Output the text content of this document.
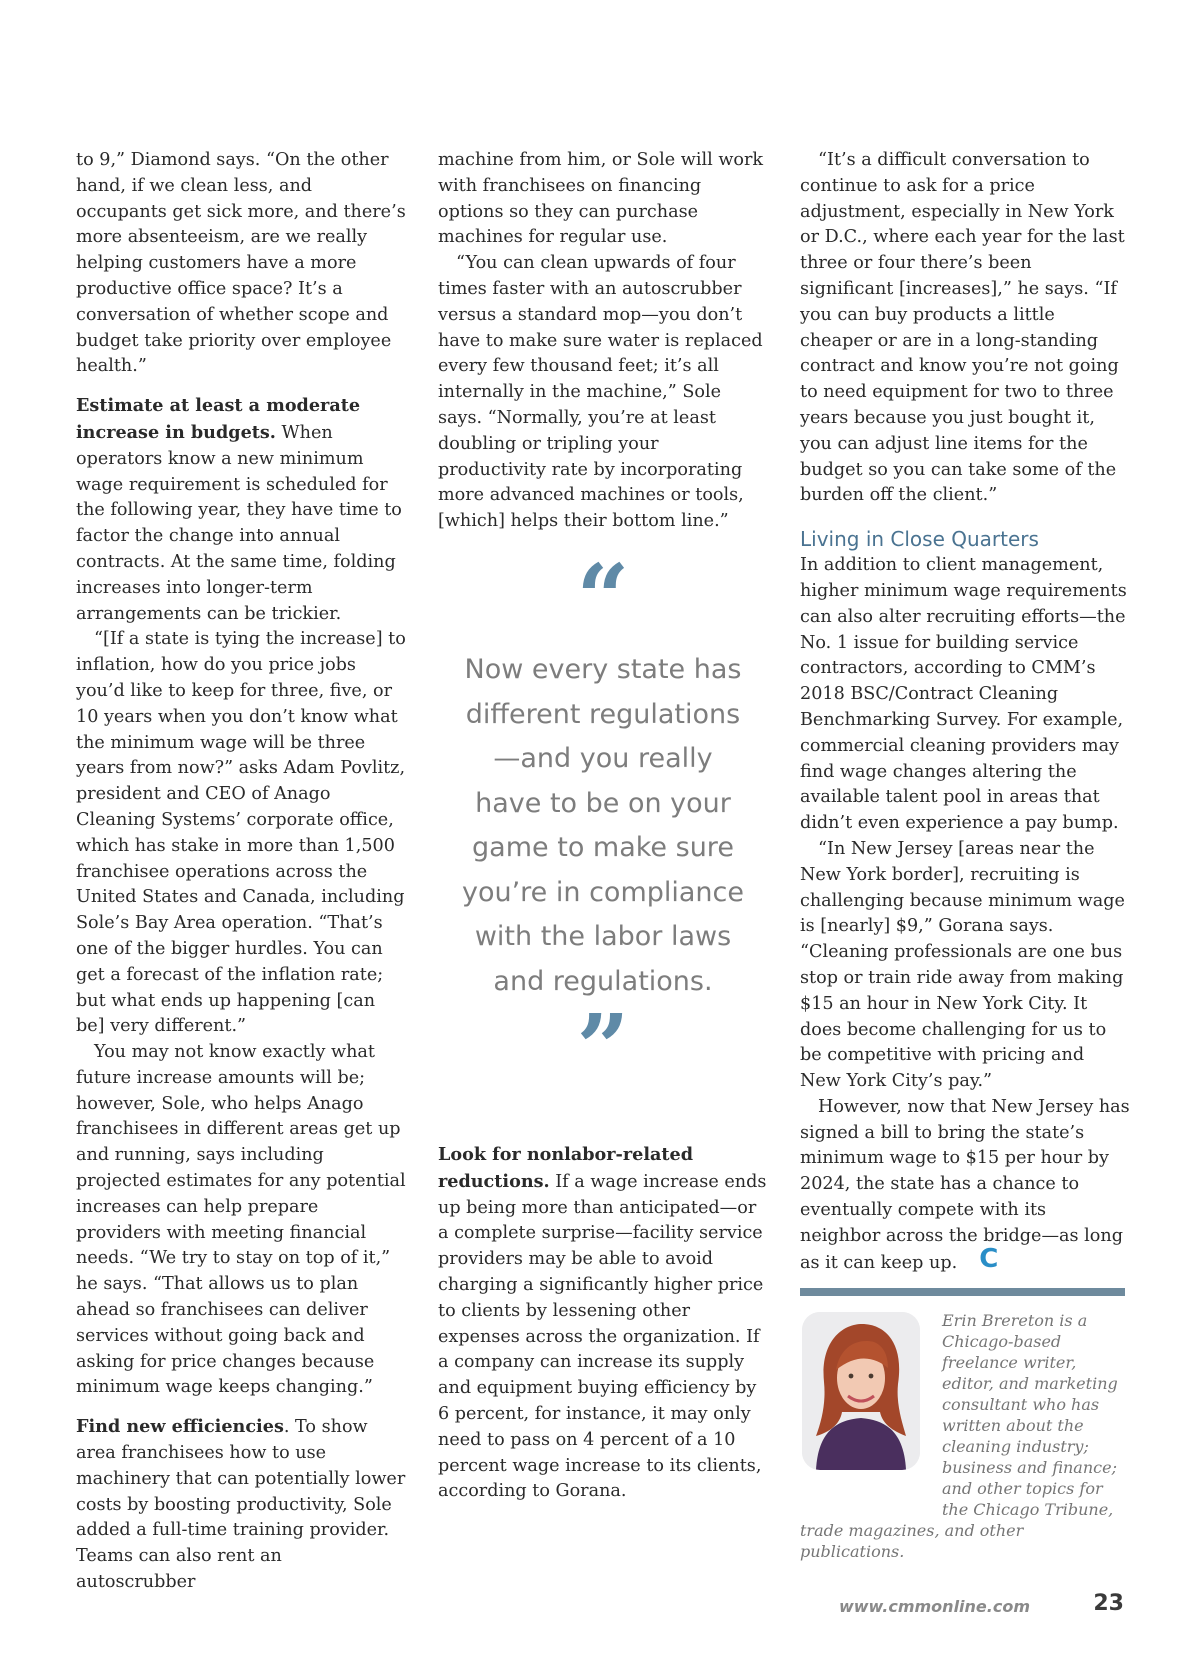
to 9,” Diamond says. “On the other hand, if we clean less, and occupants get sick more, and there’s more absenteeism, are we really helping customers have a more productive office space? It’s a conversation of whether scope and budget take priority over employee health.”

Estimate at least a moderate increase in budgets. When operators know a new minimum wage requirement is scheduled for the following year, they have time to factor the change into annual contracts. At the same time, folding increases into longer-term arrangements can be trickier.

“[If a state is tying the increase] to inflation, how do you price jobs you’d like to keep for three, five, or 10 years when you don’t know what the minimum wage will be three years from now?” asks Adam Povlitz, president and CEO of Anago Cleaning Systems’ corporate office, which has stake in more than 1,500 franchisee operations across the United States and Canada, including Sole’s Bay Area operation. “That’s one of the bigger hurdles. You can get a forecast of the inflation rate; but what ends up happening [can be] very different.”

You may not know exactly what future increase amounts will be; however, Sole, who helps Anago franchisees in different areas get up and running, says including projected estimates for any potential increases can help prepare providers with meeting financial needs. “We try to stay on top of it,” he says. “That allows us to plan ahead so franchisees can deliver services without going back and asking for price changes because minimum wage keeps changing.”

Find new efficiencies. To show area franchisees how to use machinery that can potentially lower costs by boosting productivity, Sole added a full-time training provider. Teams can also rent an autoscrubber

machine from him, or Sole will work with franchisees on financing options so they can purchase machines for regular use.

“You can clean upwards of four times faster with an autoscrubber versus a standard mop—you don’t have to make sure water is replaced every few thousand feet; it’s all internally in the machine,” Sole says. “Normally, you’re at least doubling or tripling your productivity rate by incorporating more advanced machines or tools, [which] helps their bottom line.”

“

Now every state has different regulations—and you really have to be on your game to make sure you’re in compliance with the labor laws and regulations.

”

Look for nonlabor-related reductions. If a wage increase ends up being more than anticipated—or a complete surprise—facility service providers may be able to avoid charging a significantly higher price to clients by lessening other expenses across the organization. If a company can increase its supply and equipment buying efficiency by 6 percent, for instance, it may only need to pass on 4 percent of a 10 percent wage increase to its clients, according to Gorana.

“It’s a difficult conversation to continue to ask for a price adjustment, especially in New York or D.C., where each year for the last three or four there’s been significant [increases],” he says. “If you can buy products a little cheaper or are in a long-standing contract and know you’re not going to need equipment for two to three years because you just bought it, you can adjust line items for the budget so you can take some of the burden off the client.”

Living in Close Quarters

In addition to client management, higher minimum wage requirements can also alter recruiting efforts—the No. 1 issue for building service contractors, according to CMM’s 2018 BSC/Contract Cleaning Benchmarking Survey. For example, commercial cleaning providers may find wage changes altering the available talent pool in areas that didn’t even experience a pay bump.

“In New Jersey [areas near the New York border], recruiting is challenging because minimum wage is [nearly] $9,” Gorana says. “Cleaning professionals are one bus stop or train ride away from making $15 an hour in New York City. It does become challenging for us to be competitive with pricing and New York City’s pay.”

However, now that New Jersey has signed a bill to bring the state’s minimum wage to $15 per hour by 2024, the state has a chance to eventually compete with its neighbor across the bridge—as long as it can keep up. C

Erin Brereton is a Chicago-based freelance writer, editor, and marketing consultant who has written about the cleaning industry; business and finance; and other topics for the Chicago Tribune, trade magazines, and other publications.
www.cmmonline.com	23
